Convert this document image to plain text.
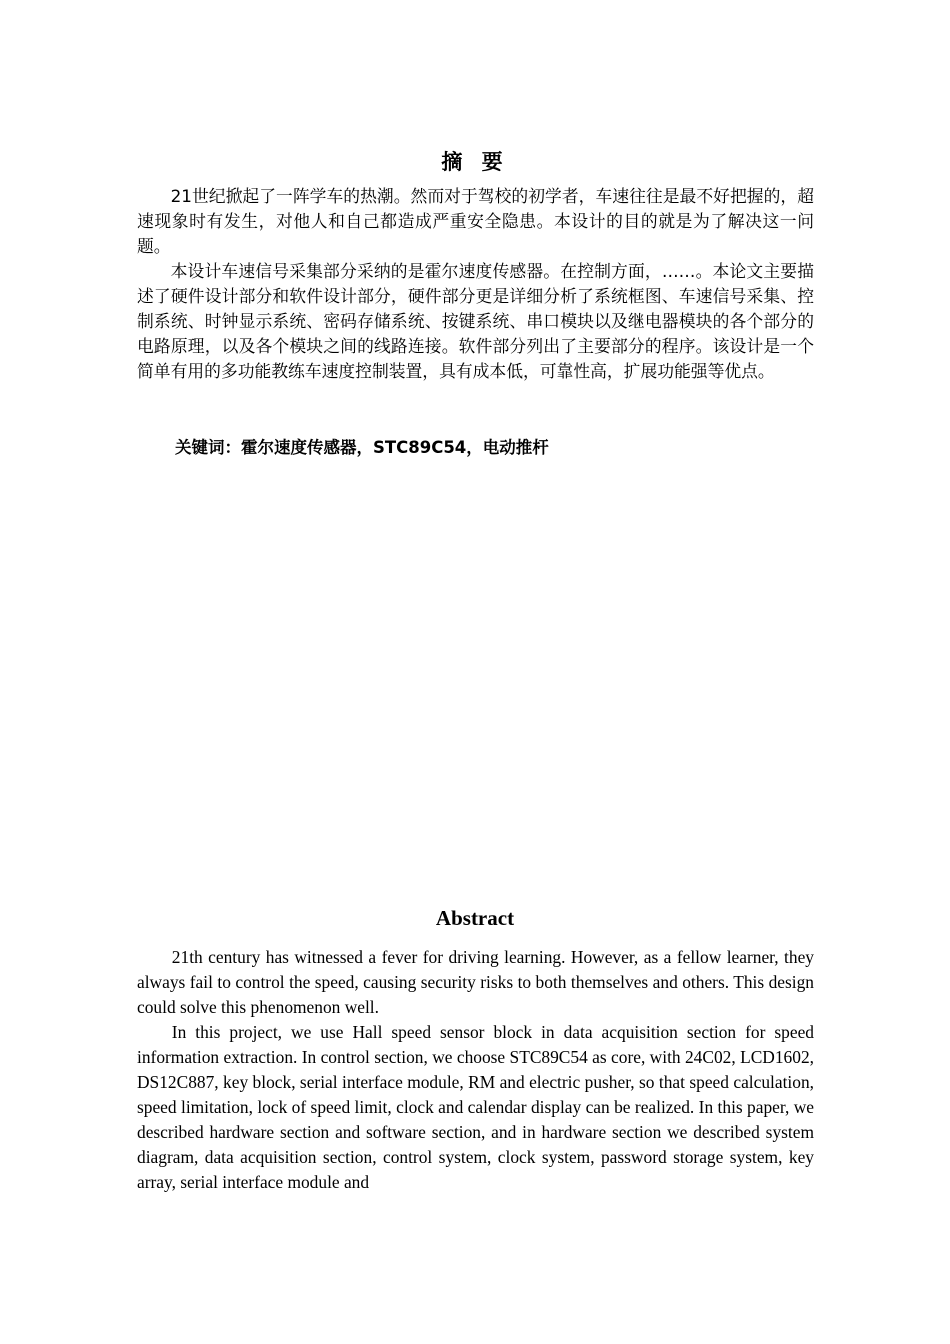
摘 要

21世纪掀起了一阵学车的热潮。然而对于驾校的初学者，车速往往是最不好把握的，超速现象时有发生，对他人和自己都造成严重安全隐患。本设计的目的就是为了解决这一问题。

本设计车速信号采集部分采纳的是霍尔速度传感器。在控制方面，……。本论文主要描述了硬件设计部分和软件设计部分，硬件部分更是详细分析了系统框图、车速信号采集、控制系统、时钟显示系统、密码存储系统、按键系统、串口模块以及继电器模块的各个部分的电路原理，以及各个模块之间的线路连接。软件部分列出了主要部分的程序。该设计是一个简单有用的多功能教练车速度控制装置，具有成本低，可靠性高，扩展功能强等优点。

关键词：霍尔速度传感器，STC89C54，电动推杆
Abstract

21th century has witnessed a fever for driving learning. However, as a fellow learner, they always fail to control the speed, causing security risks to both themselves and others. This design could solve this phenomenon well.

In this project, we use Hall speed sensor block in data acquisition section for speed information extraction. In control section, we choose STC89C54 as core, with 24C02, LCD1602, DS12C887, key block, serial interface module, RM and electric pusher, so that speed calculation, speed limitation, lock of speed limit, clock and calendar display can be realized. In this paper, we described hardware section and software section, and in hardware section we described system diagram, data acquisition section, control system, clock system, password storage system, key array, serial interface module and
